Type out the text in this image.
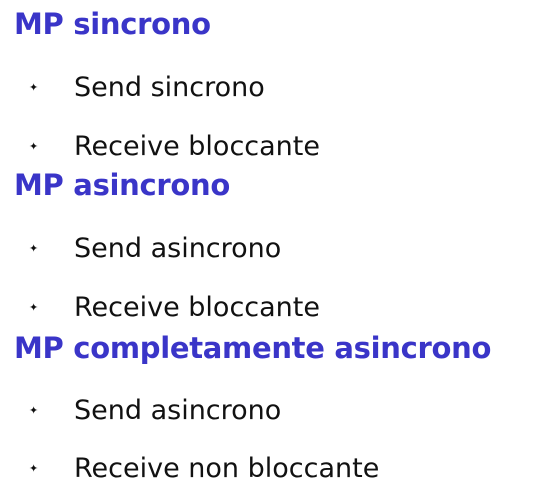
MP sincrono
✦ Send sincrono
✦ Receive bloccante
MP asincrono
✦ Send asincrono
✦ Receive bloccante
MP completamente asincrono
✦ Send asincrono
✦ Receive non bloccante
